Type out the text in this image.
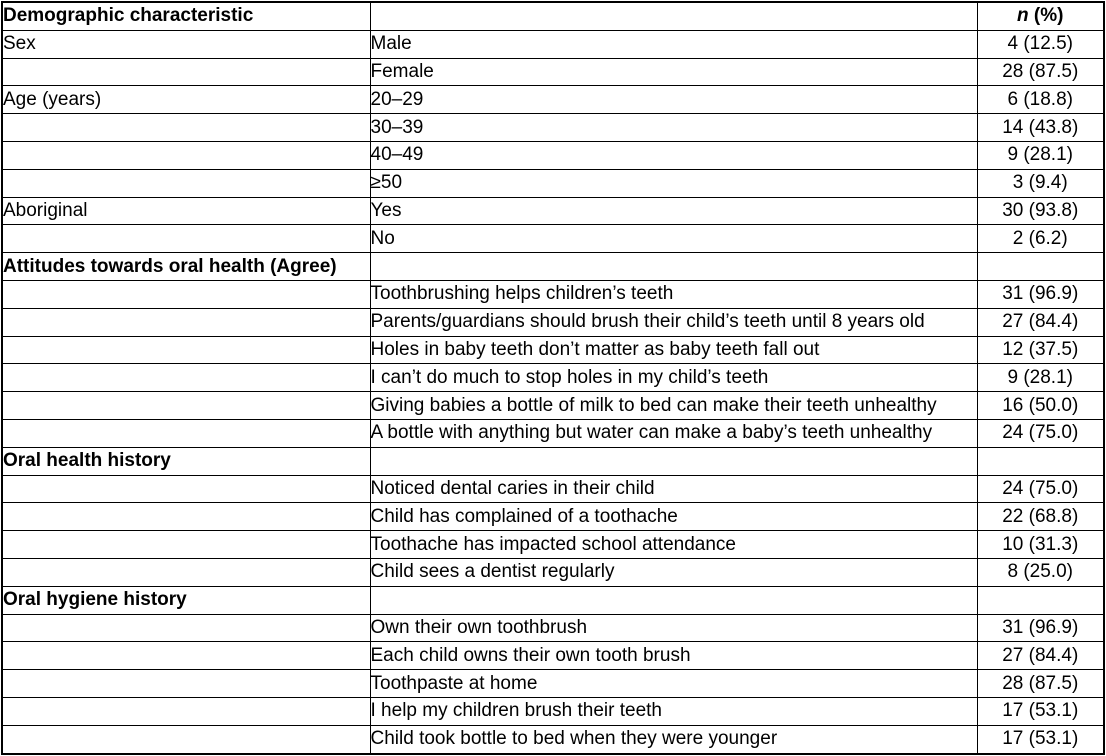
Demographic characteristic		n (%)
Sex	Male	4 (12.5)
	Female	28 (87.5)
Age (years)	20–29	6 (18.8)
	30–39	14 (43.8)
	40–49	9 (28.1)
	≥50	3 (9.4)
Aboriginal	Yes	30 (93.8)
	No	2 (6.2)
Attitudes towards oral health (Agree)		
	Toothbrushing helps children’s teeth	31 (96.9)
	Parents/guardians should brush their child’s teeth until 8 years old	27 (84.4)
	Holes in baby teeth don’t matter as baby teeth fall out	12 (37.5)
	I can’t do much to stop holes in my child’s teeth	9 (28.1)
	Giving babies a bottle of milk to bed can make their teeth unhealthy	16 (50.0)
	A bottle with anything but water can make a baby’s teeth unhealthy	24 (75.0)
Oral health history		
	Noticed dental caries in their child	24 (75.0)
	Child has complained of a toothache	22 (68.8)
	Toothache has impacted school attendance	10 (31.3)
	Child sees a dentist regularly	8 (25.0)
Oral hygiene history		
	Own their own toothbrush	31 (96.9)
	Each child owns their own tooth brush	27 (84.4)
	Toothpaste at home	28 (87.5)
	I help my children brush their teeth	17 (53.1)
	Child took bottle to bed when they were younger	17 (53.1)
